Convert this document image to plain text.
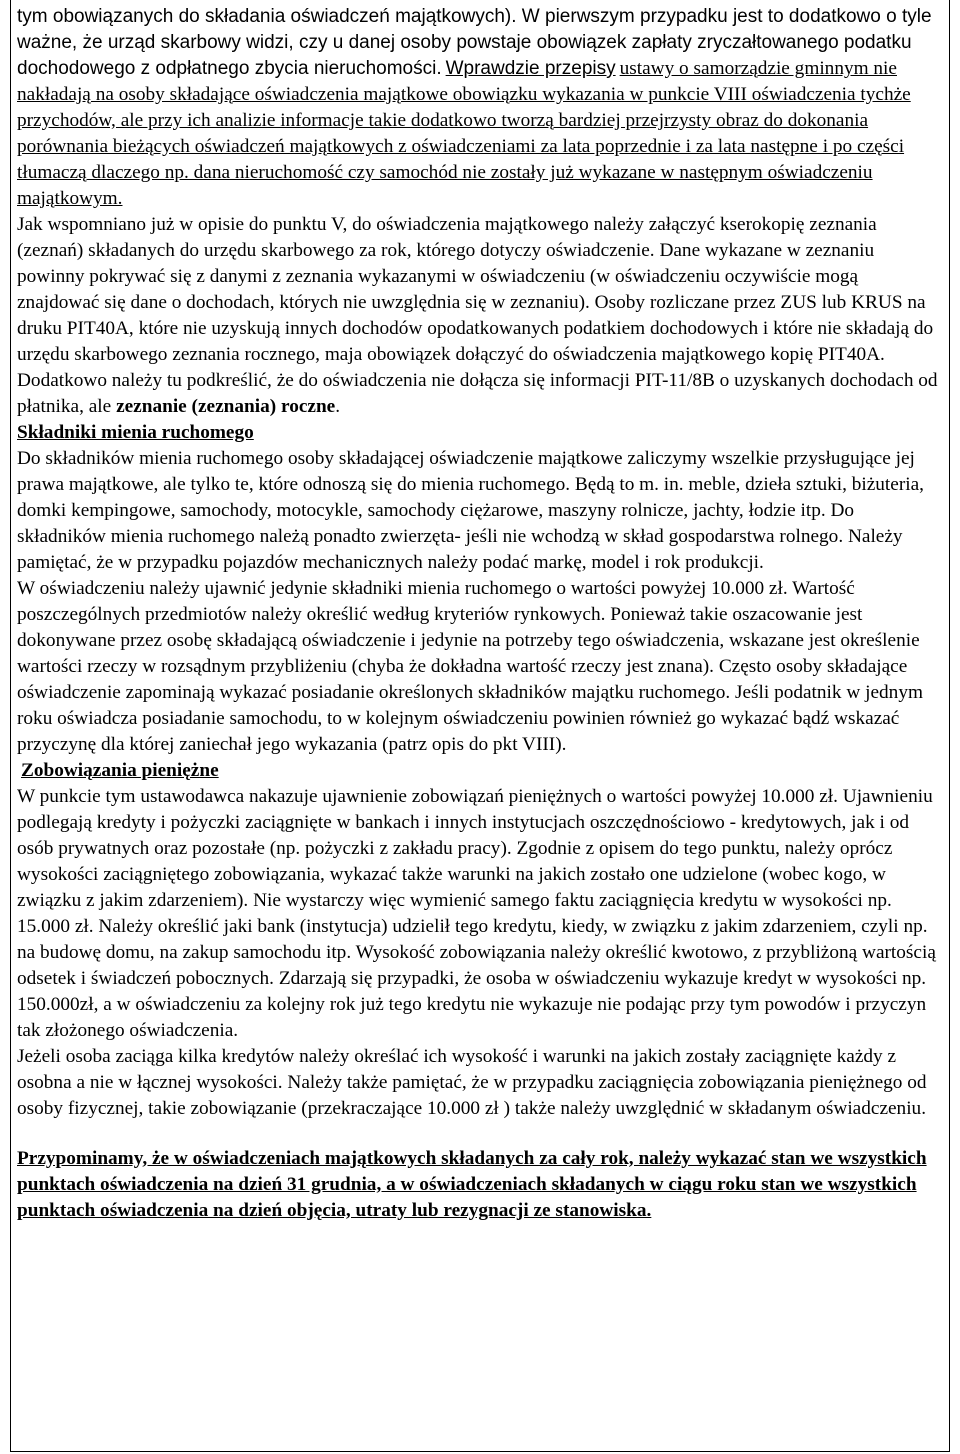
tym obowiązanych do składania oświadczeń majątkowych). W pierwszym przypadku jest to dodatkowo o tyle ważne, że urząd skarbowy widzi, czy u danej osoby powstaje obowiązek zapłaty zryczałtowanego podatku dochodowego z odpłatnego zbycia nieruchomości. Wprawdzie przepisy ustawy o samorządzie gminnym nie nakładają na osoby składające oświadczenia majątkowe obowiązku wykazania w punkcie VIII oświadczenia tychże przychodów, ale przy ich analizie informacje takie dodatkowo tworzą bardziej przejrzysty obraz do dokonania porównania bieżących oświadczeń majątkowych z oświadczeniami za lata poprzednie i za lata następne i po części tłumaczą dlaczego np. dana nieruchomość czy samochód nie zostały już wykazane w następnym oświadczeniu majątkowym.

Jak wspomniano już w opisie do punktu V, do oświadczenia majątkowego należy załączyć kserokopię zeznania (zeznań) składanych do urzędu skarbowego za rok, którego dotyczy oświadczenie. Dane wykazane w zeznaniu powinny pokrywać się z danymi z zeznania wykazanymi w oświadczeniu (w oświadczeniu oczywiście mogą znajdować się dane o dochodach, których nie uwzględnia się w zeznaniu). Osoby rozliczane przez ZUS lub KRUS na druku PIT40A, które nie uzyskują innych dochodów opodatkowanych podatkiem dochodowych i które nie składają do urzędu skarbowego zeznania rocznego, maja obowiązek dołączyć do oświadczenia majątkowego kopię PIT40A. Dodatkowo należy tu podkreślić, że do oświadczenia nie dołącza się informacji PIT-11/8B o uzyskanych dochodach od płatnika, ale zeznanie (zeznania) roczne.

Składniki mienia ruchomego

Do składników mienia ruchomego osoby składającej oświadczenie majątkowe zaliczymy wszelkie przysługujące jej prawa majątkowe, ale tylko te, które odnoszą się do mienia ruchomego. Będą to m. in. meble, dzieła sztuki, biżuteria, domki kempingowe, samochody, motocykle, samochody ciężarowe, maszyny rolnicze, jachty, łodzie itp. Do składników mienia ruchomego należą ponadto zwierzęta- jeśli nie wchodzą w skład gospodarstwa rolnego. Należy pamiętać, że w przypadku pojazdów mechanicznych należy podać markę, model i rok produkcji.

W oświadczeniu należy ujawnić jedynie składniki mienia ruchomego o wartości powyżej 10.000 zł. Wartość poszczególnych przedmiotów należy określić według kryteriów rynkowych. Ponieważ takie oszacowanie jest dokonywane przez osobę składającą oświadczenie i jedynie na potrzeby tego oświadczenia, wskazane jest określenie wartości rzeczy w rozsądnym przybliżeniu (chyba że dokładna wartość rzeczy jest znana). Często osoby składające oświadczenie zapominają wykazać posiadanie określonych składników majątku ruchomego. Jeśli podatnik w jednym roku oświadcza posiadanie samochodu, to w kolejnym oświadczeniu powinien również go wykazać bądź wskazać przyczynę dla której zaniechał jego wykazania (patrz opis do pkt VIII).

Zobowiązania pieniężne

W punkcie tym ustawodawca nakazuje ujawnienie zobowiązań pieniężnych o wartości powyżej 10.000 zł. Ujawnieniu podlegają kredyty i pożyczki zaciągnięte w bankach i innych instytucjach oszczędnościowo - kredytowych, jak i od osób prywatnych oraz pozostałe (np. pożyczki z zakładu pracy). Zgodnie z opisem do tego punktu, należy oprócz wysokości zaciągniętego zobowiązania, wykazać także warunki na jakich zostało one udzielone (wobec kogo, w związku z jakim zdarzeniem). Nie wystarczy więc wymienić samego faktu zaciągnięcia kredytu w wysokości np. 15.000 zł. Należy określić jaki bank (instytucja) udzielił tego kredytu, kiedy, w związku z jakim zdarzeniem, czyli np. na budowę domu, na zakup samochodu itp. Wysokość zobowiązania należy określić kwotowo, z przybliżoną wartością odsetek i świadczeń pobocznych. Zdarzają się przypadki, że osoba w oświadczeniu wykazuje kredyt w wysokości np. 150.000zł, a w oświadczeniu za kolejny rok już tego kredytu nie wykazuje nie podając przy tym powodów i przyczyn tak złożonego oświadczenia.

Jeżeli osoba zaciąga kilka kredytów należy określać ich wysokość i warunki na jakich zostały zaciągnięte każdy z osobna a nie w łącznej wysokości. Należy także pamiętać, że w przypadku zaciągnięcia zobowiązania pieniężnego od osoby fizycznej, takie zobowiązanie (przekraczające 10.000 zł ) także należy uwzględnić w składanym oświadczeniu.

Przypominamy, że w oświadczeniach majątkowych składanych za cały rok, należy wykazać stan we wszystkich punktach oświadczenia na dzień 31 grudnia, a w oświadczeniach składanych w ciągu roku stan we wszystkich punktach oświadczenia na dzień objęcia, utraty lub rezygnacji ze stanowiska.
